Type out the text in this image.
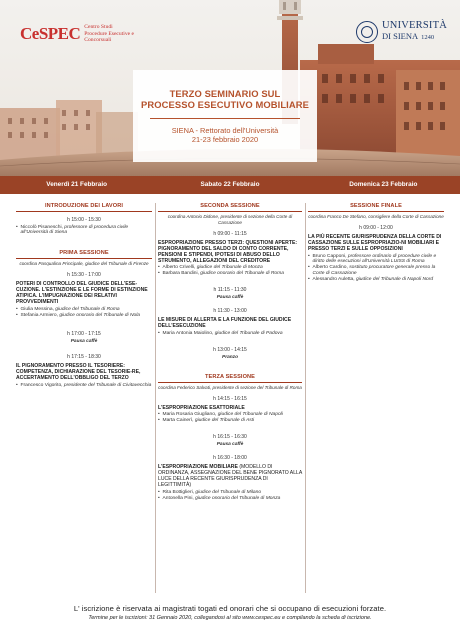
CeSPEC Centro Studi
Procedure Esecutive e
Concorsuali
UNIVERSITÀ
DI SIENA 1240
TERZO SEMINARIO SUL
PROCESSO ESECUTIVO MOBILIARE
SIENA - Rettorato dell'Università
21-23 febbraio 2020
Venerdì 21 Febbraio	Sabato 22 Febbraio	Domenica 23 Febbraio
INTRODUZIONE DEI LAVORI
h 15:00 - 15:30
• Niccolò Pisaneschi, professore di procedura civile all'Università di Siena
PRIMA SESSIONE
coordina Pasqualina Principale, giudice del Tribunale di Firenze
h 15:30 - 17:00
POTERI DI CONTROLLO DEL GIUDICE DELL'ESE-CUZIONE. L'ESTINZIONE E LE FORME DI ESTINZIONE ATIPICA. L'IMPUGNAZIONE DEI RELATIVI PROVVEDIMENTI
• Giulia Messina, giudice del Tribunale di Roma
• Stefania Armiero, giudice onorario del Tribunale di Nola
h 17:00 - 17:15
Pausa caffè
h 17:15 - 18:30
IL PIGNORAMENTO PRESSO IL TESORIERE: COMPETENZA, DICHIARAZIONE DEL TESORIE-RE, ACCERTAMENTO DELL'OBBLIGO DEL TERZO
• Francesco Vigorito, presidente del Tribunale di Civitavecchia
SECONDA SESSIONE
coordina Antonio Didone, presidente di sezione della Corte di Cassazione
h 09:00 - 11:15
ESPROPRIAZIONE PRESSO TERZI: QUESTIONI APERTE: PIGNORAMENTO DEL SALDO DI CONTO CORRENTE, PENSIONI E STIPENDI, IPOTESI DI ABUSO DELLO STRUMENTO, ALLEGAZIONI DEL CREDITORE
• Alberto Crivelli, giudice del Tribunale di Monza
• Barbara Bandini, giudice onorario del Tribunale di Roma
h 11:15 - 11:30
Pausa caffè
h 11:30 - 13:00
LE MISURE DI ALLERTA E LA FUNZIONE DEL GIUDICE DELL'ESECUZIONE
• Maria Antonia Maiolino, giudice del Tribunale di Padova
h 13:00 - 14:15
Pranzo
TERZA SESSIONE
coordina Federico Salvati, presidente di sezione del Tribunale di Roma
h 14:15 - 16:15
L'ESPROPRIAZIONE ESATTORIALE
• Maria Rosaria Giugliano, giudice del Tribunale di Napoli
• Marta Cainerì, giudice del Tribunale di Asti
h 16:15 - 16:30
Pausa caffè
h 16:30 - 18:00
L'ESPROPRIAZIONE MOBILIARE (MODELLO DI ORDINANZA, ASSEGNAZIONE DEL BENE PIGNORATO ALLA LUCE DELLA RECENTE GIURISPRUDENZA DI LEGITTIMITÀ)
• Rita Bottiglieri, giudice del Tribunale di Milano
• Antonella Pini, giudice onorario del Tribunale di Monza
SESSIONE FINALE
coordina Franco De Stefano, consigliere della Corte di Cassazione
h 09:00 - 12:00
LA PIÙ RECENTE GIURISPRUDENZA DELLA CORTE DI CASSAZIONE SULLE ESPROPRIAZIO-NI MOBILIARI E PRESSO TERZI E SULLE OPPOSIZIONI
• Bruno Capponi, professore ordinario di procedure civile e diritto delle esecuzioni all'Università LUISS di Roma
• Alberto Cardino, sostituto procuratore generale presso la Corte di Cassazione
• Alessandro Auletta, giudice del Tribunale di Napoli Nord
L' iscrizione è riservata ai magistrati togati ed onorari che si occupano di esecuzioni forzate.
Termine per le iscrizioni: 31 Gennaio 2020, collegandosi al sito www.cespec.eu e compilando la scheda di iscrizione.
